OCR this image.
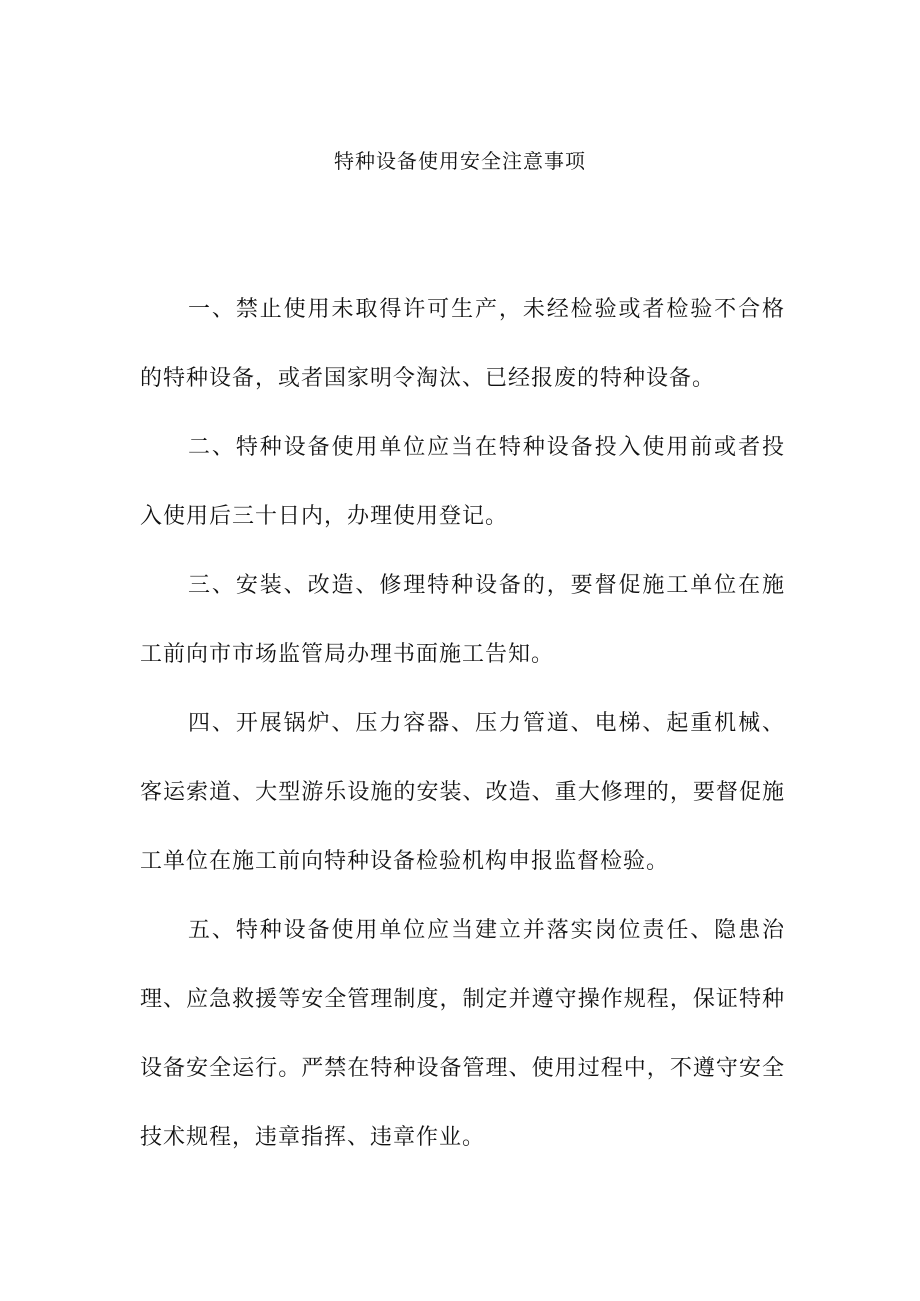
特种设备使用安全注意事项

一、禁止使用未取得许可生产，未经检验或者检验不合格的特种设备，或者国家明令淘汰、已经报废的特种设备。

二、特种设备使用单位应当在特种设备投入使用前或者投入使用后三十日内，办理使用登记。

三、安装、改造、修理特种设备的，要督促施工单位在施工前向市市场监管局办理书面施工告知。

四、开展锅炉、压力容器、压力管道、电梯、起重机械、客运索道、大型游乐设施的安装、改造、重大修理的，要督促施工单位在施工前向特种设备检验机构申报监督检验。

五、特种设备使用单位应当建立并落实岗位责任、隐患治理、应急救援等安全管理制度，制定并遵守操作规程，保证特种设备安全运行。严禁在特种设备管理、使用过程中，不遵守安全技术规程，违章指挥、违章作业。
